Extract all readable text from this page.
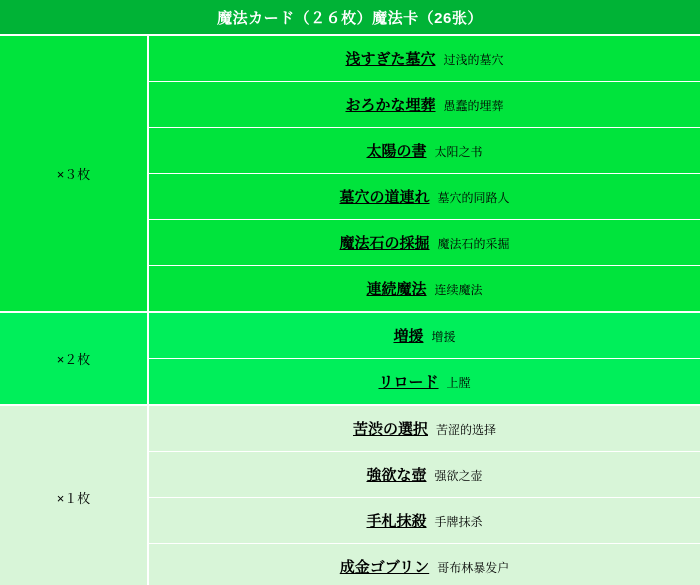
魔法カード（２６枚）魔法卡（26张）	
×３枚	浅すぎた墓穴 过浅的墓穴

	おろかな埋葬 愚蠢的埋葬

	太陽の書 太阳之书

	墓穴の道連れ 墓穴的同路人

	魔法石の採掘 魔法石的采掘

	連続魔法 连续魔法

×２枚	増援 增援

	リロード 上膛

×１枚	苦渋の選択 苦涩的选择

	強欲な壺 强欲之壶

	手札抹殺 手牌抹杀

	成金ゴブリン 哥布林暴发户
